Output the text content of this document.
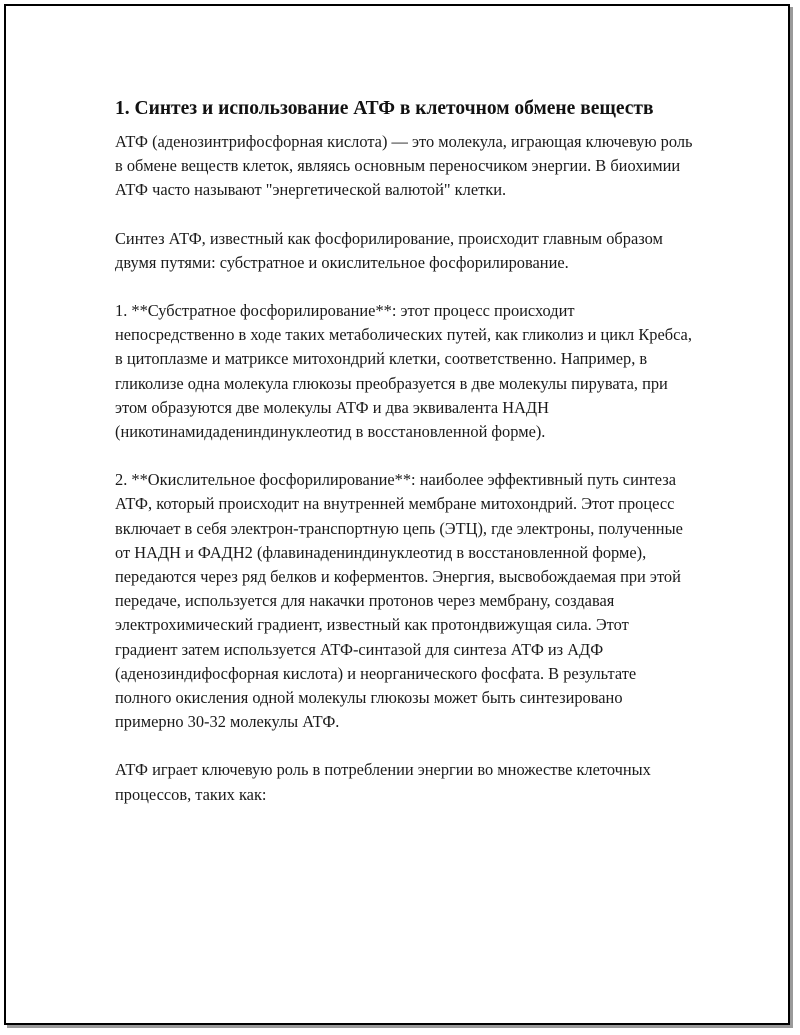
1. Синтез и использование АТФ в клеточном обмене веществ

АТФ (аденозинтрифосфорная кислота) — это молекула, играющая ключевую роль в обмене веществ клеток, являясь основным переносчиком энергии. В биохимии АТФ часто называют "энергетической валютой" клетки.

Синтез АТФ, известный как фосфорилирование, происходит главным образом двумя путями: субстратное и окислительное фосфорилирование.

1. **Субстратное фосфорилирование**: этот процесс происходит непосредственно в ходе таких метаболических путей, как гликолиз и цикл Кребса, в цитоплазме и матриксе митохондрий клетки, соответственно. Например, в гликолизе одна молекула глюкозы преобразуется в две молекулы пирувата, при этом образуются две молекулы АТФ и два эквивалента НАДН (никотинамидадениндинуклеотид в восстановленной форме).

2. **Окислительное фосфорилирование**: наиболее эффективный путь синтеза АТФ, который происходит на внутренней мембране митохондрий. Этот процесс включает в себя электрон-транспортную цепь (ЭТЦ), где электроны, полученные от НАДН и ФАДН2 (флавинадениндинуклеотид в восстановленной форме), передаются через ряд белков и коферментов. Энергия, высвобождаемая при этой передаче, используется для накачки протонов через мембрану, создавая электрохимический градиент, известный как протондвижущая сила. Этот градиент затем используется АТФ-синтазой для синтеза АТФ из АДФ (аденозиндифосфорная кислота) и неорганического фосфата. В результате полного окисления одной молекулы глюкозы может быть синтезировано примерно 30-32 молекулы АТФ.

АТФ играет ключевую роль в потреблении энергии во множестве клеточных процессов, таких как:
